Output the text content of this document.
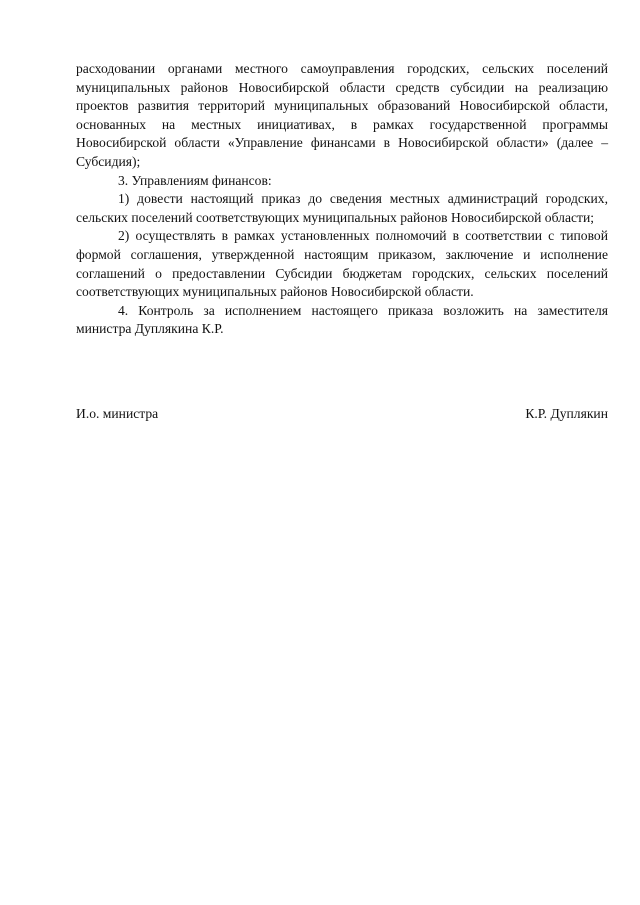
расходовании органами местного самоуправления городских, сельских поселений муниципальных районов Новосибирской области средств субсидии на реализацию проектов развития территорий муниципальных образований Новосибирской области, основанных на местных инициативах, в рамках государственной программы Новосибирской области «Управление финансами в Новосибирской области» (далее – Субсидия);

3. Управлениям финансов:

1) довести настоящий приказ до сведения местных администраций городских, сельских поселений соответствующих муниципальных районов Новосибирской области;

2) осуществлять в рамках установленных полномочий в соответствии с типовой формой соглашения, утвержденной настоящим приказом, заключение и исполнение соглашений о предоставлении Субсидии бюджетам городских, сельских поселений соответствующих муниципальных районов Новосибирской области.

4. Контроль за исполнением настоящего приказа возложить на заместителя министра Дуплякина К.Р.

И.о. министра	К.Р. Дуплякин
